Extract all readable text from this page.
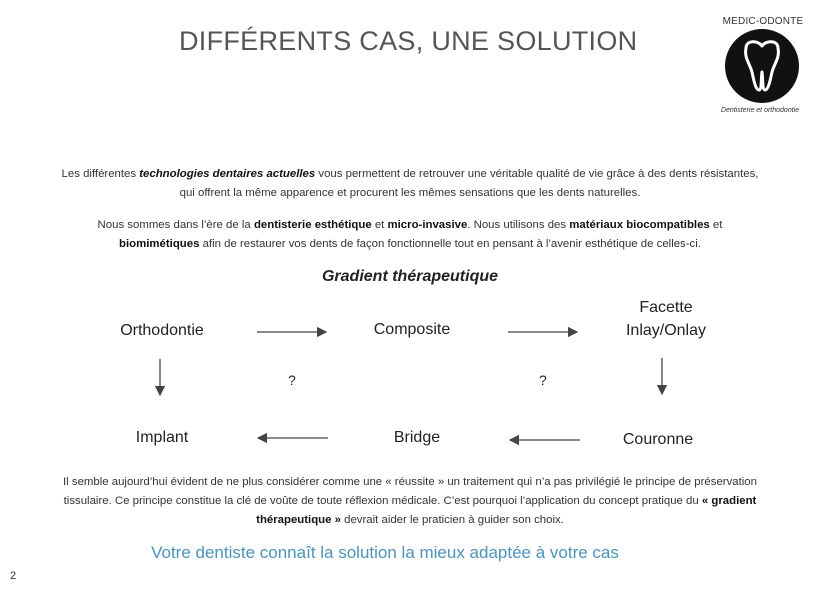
DIFFÉRENTS CAS, UNE SOLUTION
MEDIC-ODONTE
Dentisterie et orthodontie
Les différentes technologies dentaires actuelles vous permettent de retrouver une véritable qualité de vie grâce à des dents résistantes, qui offrent la même apparence et procurent les mêmes sensations que les dents naturelles.
Nous sommes dans l’ère de la dentisterie esthétique et micro-invasive. Nous utilisons des matériaux biocompatibles et biomimétiques afin de restaurer vos dents de façon fonctionnelle tout en pensant à l’avenir esthétique de celles-ci.
Gradient thérapeutique
Orthodontie	Composite
Facette
Inlay/Onlay
Implant	Bridge	Couronne
?	?
Il semble aujourd’hui évident de ne plus considérer comme une « réussite » un traitement qui n’a pas privilégié le principe de préservation tissulaire. Ce principe constitue la clé de voûte de toute réflexion médicale. C’est pourquoi l’application du concept pratique du « gradient thérapeutique » devrait aider le praticien à guider son choix.
Votre dentiste connaît la solution la mieux adaptée à votre cas
2
